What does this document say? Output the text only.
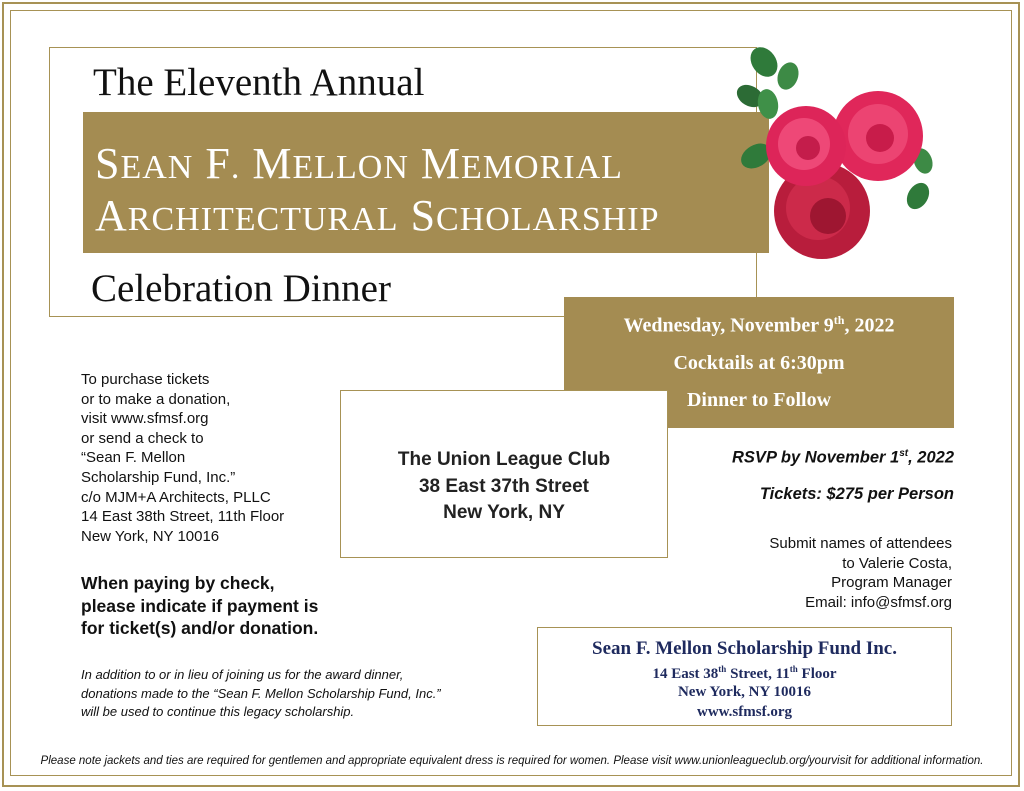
The Eleventh Annual
SEAN F. MELLON MEMORIAL
ARCHITECTURAL SCHOLARSHIP
Celebration Dinner
Wednesday, November 9th, 2022
Cocktails at 6:30pm
Dinner to Follow
The Union League Club
38 East 37th Street
New York, NY
To purchase tickets
or to make a donation,
visit www.sfmsf.org
or send a check to
“Sean F. Mellon
Scholarship Fund, Inc.”
c/o MJM+A Architects, PLLC
14 East 38th Street, 11th Floor
New York, NY 10016
When paying by check,
please indicate if payment is
for ticket(s) and/or donation.
In addition to or in lieu of joining us for the award dinner,
donations made to the “Sean F. Mellon Scholarship Fund, Inc.”
will be used to continue this legacy scholarship.
RSVP by November 1st, 2022
Tickets: $275 per Person
Submit names of attendees
to Valerie Costa,
Program Manager
Email: info@sfmsf.org
Sean F. Mellon Scholarship Fund Inc.
14 East 38th Street, 11th Floor
New York, NY 10016
www.sfmsf.org
Please note jackets and ties are required for gentlemen and appropriate equivalent dress is required for women. Please visit www.unionleagueclub.org/yourvisit for additional information.
